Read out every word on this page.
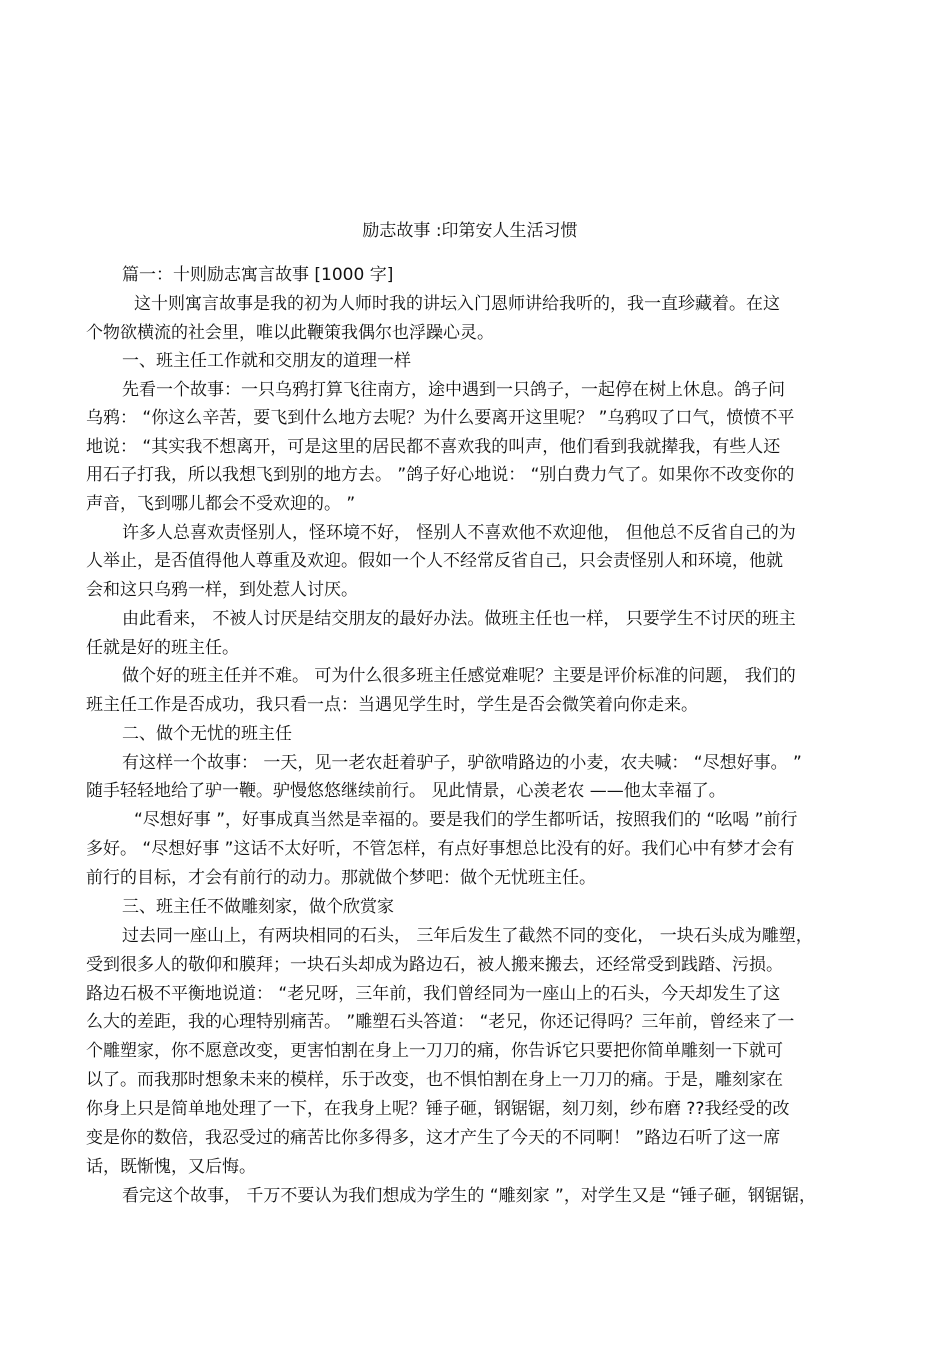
励志故事 :印第安人生活习惯
篇一：十则励志寓言故事 [1000 字]
这十则寓言故事是我的初为人师时我的讲坛入门恩师讲给我听的，我一直珍藏着。在这
个物欲横流的社会里，唯以此鞭策我偶尔也浮躁心灵。
一、班主任工作就和交朋友的道理一样
先看一个故事：一只乌鸦打算飞往南方，途中遇到一只鸽子，一起停在树上休息。鸽子问
乌鸦： “你这么辛苦，要飞到什么地方去呢？为什么要离开这里呢？ ”乌鸦叹了口气，愤愤不平
地说： “其实我不想离开，可是这里的居民都不喜欢我的叫声，他们看到我就撵我，有些人还
用石子打我，所以我想飞到别的地方去。 ”鸽子好心地说： “别白费力气了。如果你不改变你的
声音，飞到哪儿都会不受欢迎的。 ”
许多人总喜欢责怪别人，怪环境不好， 怪别人不喜欢他不欢迎他， 但他总不反省自己的为
人举止，是否值得他人尊重及欢迎。假如一个人不经常反省自己，只会责怪别人和环境，他就
会和这只乌鸦一样，到处惹人讨厌。
由此看来， 不被人讨厌是结交朋友的最好办法。做班主任也一样， 只要学生不讨厌的班主
任就是好的班主任。
做个好的班主任并不难。 可为什么很多班主任感觉难呢？主要是评价标准的问题， 我们的
班主任工作是否成功，我只看一点：当遇见学生时，学生是否会微笑着向你走来。
二、做个无忧的班主任
有这样一个故事： 一天，见一老农赶着驴子，驴欲啃路边的小麦，农夫喊： “尽想好事。 ”
随手轻轻地给了驴一鞭。驴慢悠悠继续前行。 见此情景，心羡老农 ——他太幸福了。
“尽想好事 ”，好事成真当然是幸福的。要是我们的学生都听话，按照我们的 “吆喝 ”前行
多好。 “尽想好事 ”这话不太好听，不管怎样，有点好事想总比没有的好。我们心中有梦才会有
前行的目标，才会有前行的动力。那就做个梦吧：做个无忧班主任。
三、班主任不做雕刻家，做个欣赏家
过去同一座山上，有两块相同的石头， 三年后发生了截然不同的变化， 一块石头成为雕塑，
受到很多人的敬仰和膜拜；一块石头却成为路边石，被人搬来搬去，还经常受到践踏、污损。
路边石极不平衡地说道： “老兄呀，三年前，我们曾经同为一座山上的石头，今天却发生了这
么大的差距，我的心理特别痛苦。 ”雕塑石头答道： “老兄，你还记得吗？三年前，曾经来了一
个雕塑家，你不愿意改变，更害怕割在身上一刀刀的痛，你告诉它只要把你简单雕刻一下就可
以了。而我那时想象未来的模样，乐于改变，也不惧怕割在身上一刀刀的痛。于是，雕刻家在
你身上只是简单地处理了一下，在我身上呢？锤子砸，钢锯锯，刻刀刻，纱布磨 ??我经受的改
变是你的数倍，我忍受过的痛苦比你多得多，这才产生了今天的不同啊！ ”路边石听了这一席
话，既惭愧，又后悔。
看完这个故事， 千万不要认为我们想成为学生的 “雕刻家 ”，对学生又是 “锤子砸，钢锯锯，
